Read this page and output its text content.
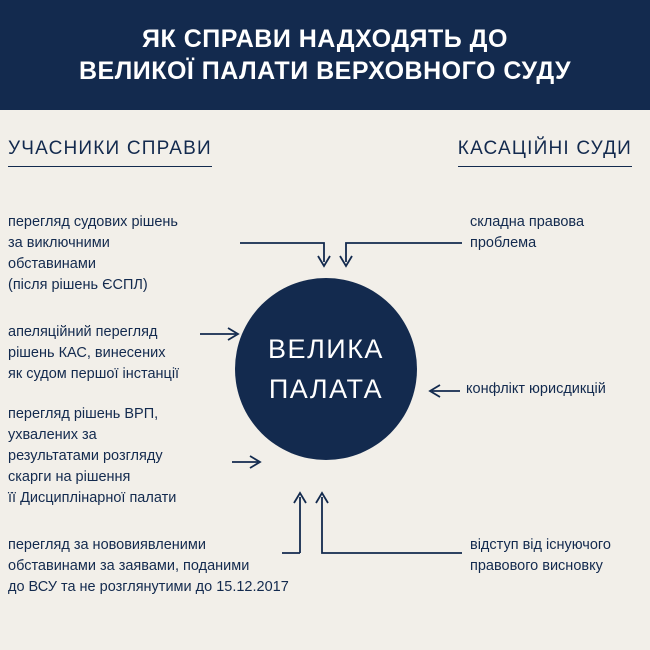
ЯК СПРАВИ НАДХОДЯТЬ ДО
ВЕЛИКОЇ ПАЛАТИ ВЕРХОВНОГО СУДУ
УЧАСНИКИ СПРАВИ	КАСАЦІЙНІ СУДИ
ВЕЛИКА
ПАЛАТА
перегляд судових рішень
за виключними
обставинами
(після рішень ЄСПЛ)
апеляційний перегляд
рішень КАС, винесених
як судом першої інстанції
перегляд рішень ВРП,
ухвалених за
результатами розгляду
скарги на рішення
її Дисциплінарної палати
перегляд за нововиявленими
обставинами за заявами, поданими
до ВСУ та не розглянутими до 15.12.2017
складна правова
проблема
конфлікт юрисдикцій
відступ від існуючого
правового висновку
